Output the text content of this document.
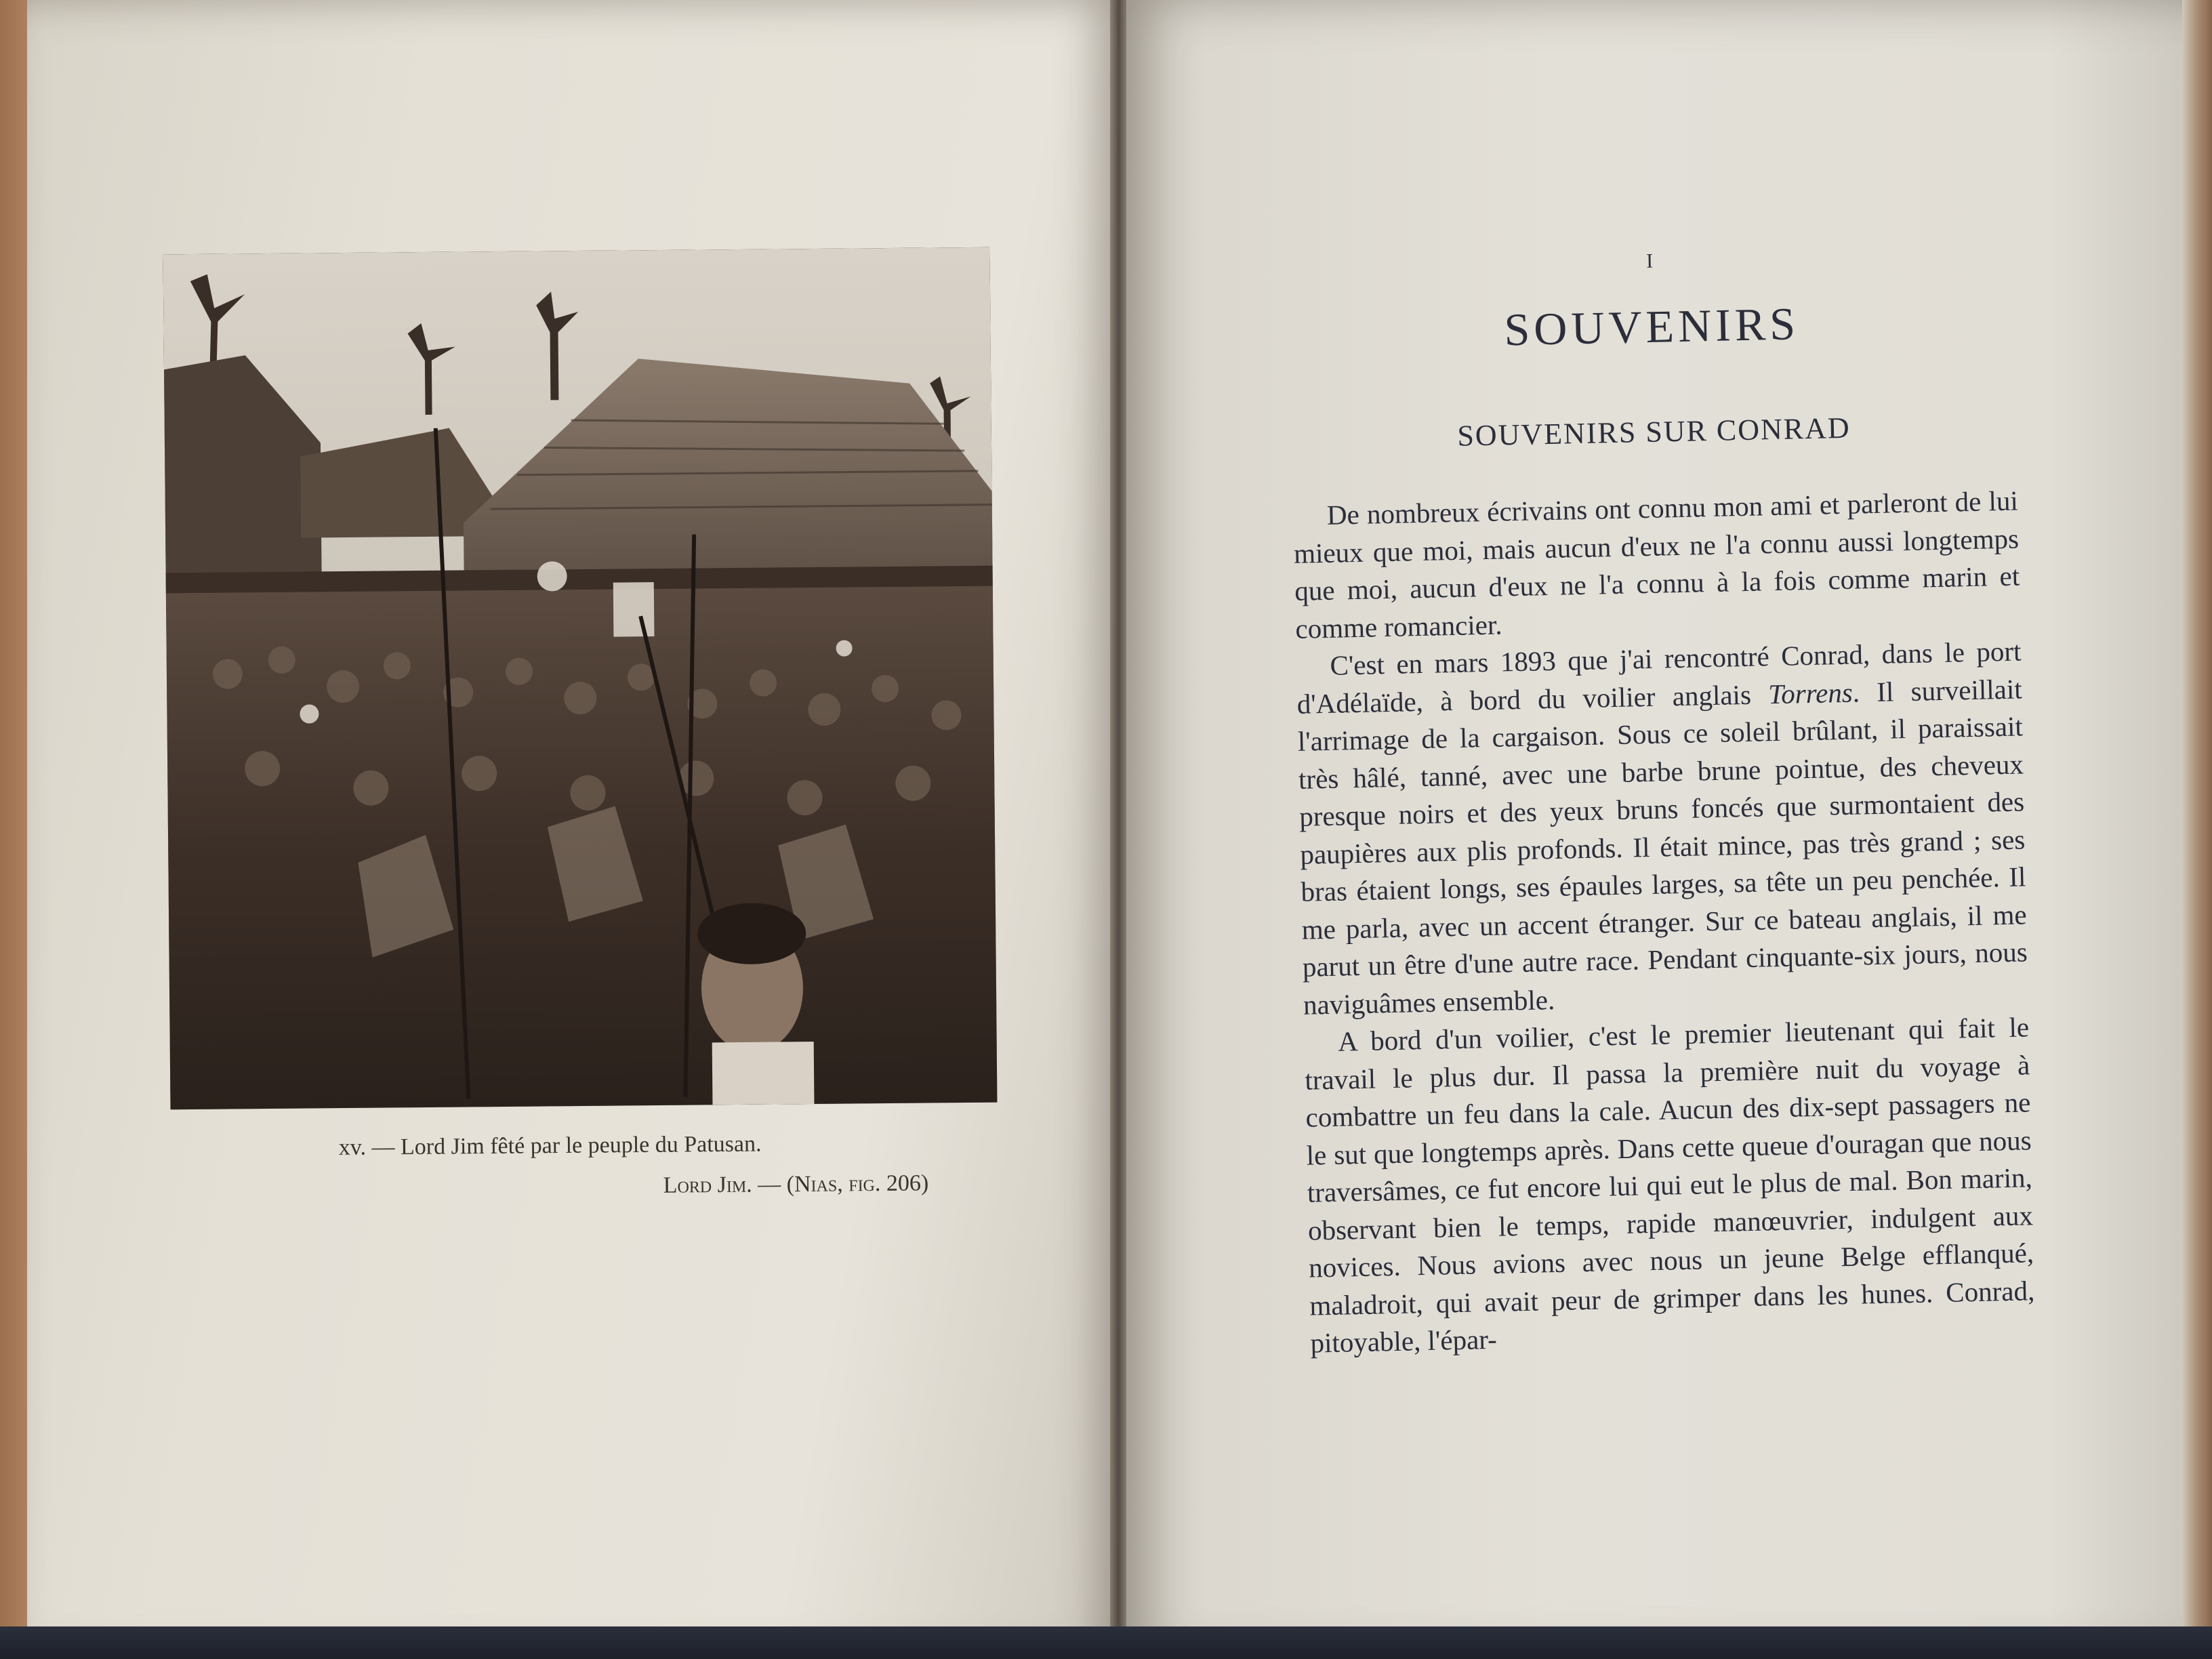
xv. — Lord Jim fêté par le peuple du Patusan.
Lord Jim. — (Nias, fig. 206)
I
SOUVENIRS
SOUVENIRS SUR CONRAD

De nombreux écrivains ont connu mon ami et parleront de lui mieux que moi, mais aucun d'eux ne l'a connu aussi longtemps que moi, aucun d'eux ne l'a connu à la fois comme marin et comme romancier.

C'est en mars 1893 que j'ai rencontré Conrad, dans le port d'Adélaïde, à bord du voilier anglais Torrens. Il surveillait l'arrimage de la cargaison. Sous ce soleil brûlant, il paraissait très hâlé, tanné, avec une barbe brune pointue, des cheveux presque noirs et des yeux bruns foncés que surmontaient des paupières aux plis profonds. Il était mince, pas très grand ; ses bras étaient longs, ses épaules larges, sa tête un peu penchée. Il me parla, avec un accent étranger. Sur ce bateau anglais, il me parut un être d'une autre race. Pendant cinquante-six jours, nous naviguâmes ensemble.

A bord d'un voilier, c'est le premier lieutenant qui fait le travail le plus dur. Il passa la première nuit du voyage à combattre un feu dans la cale. Aucun des dix-sept passagers ne le sut que longtemps après. Dans cette queue d'ouragan que nous traversâmes, ce fut encore lui qui eut le plus de mal. Bon marin, observant bien le temps, rapide manœuvrier, indulgent aux novices. Nous avions avec nous un jeune Belge efflanqué, maladroit, qui avait peur de grimper dans les hunes. Conrad, pitoyable, l'épar-
